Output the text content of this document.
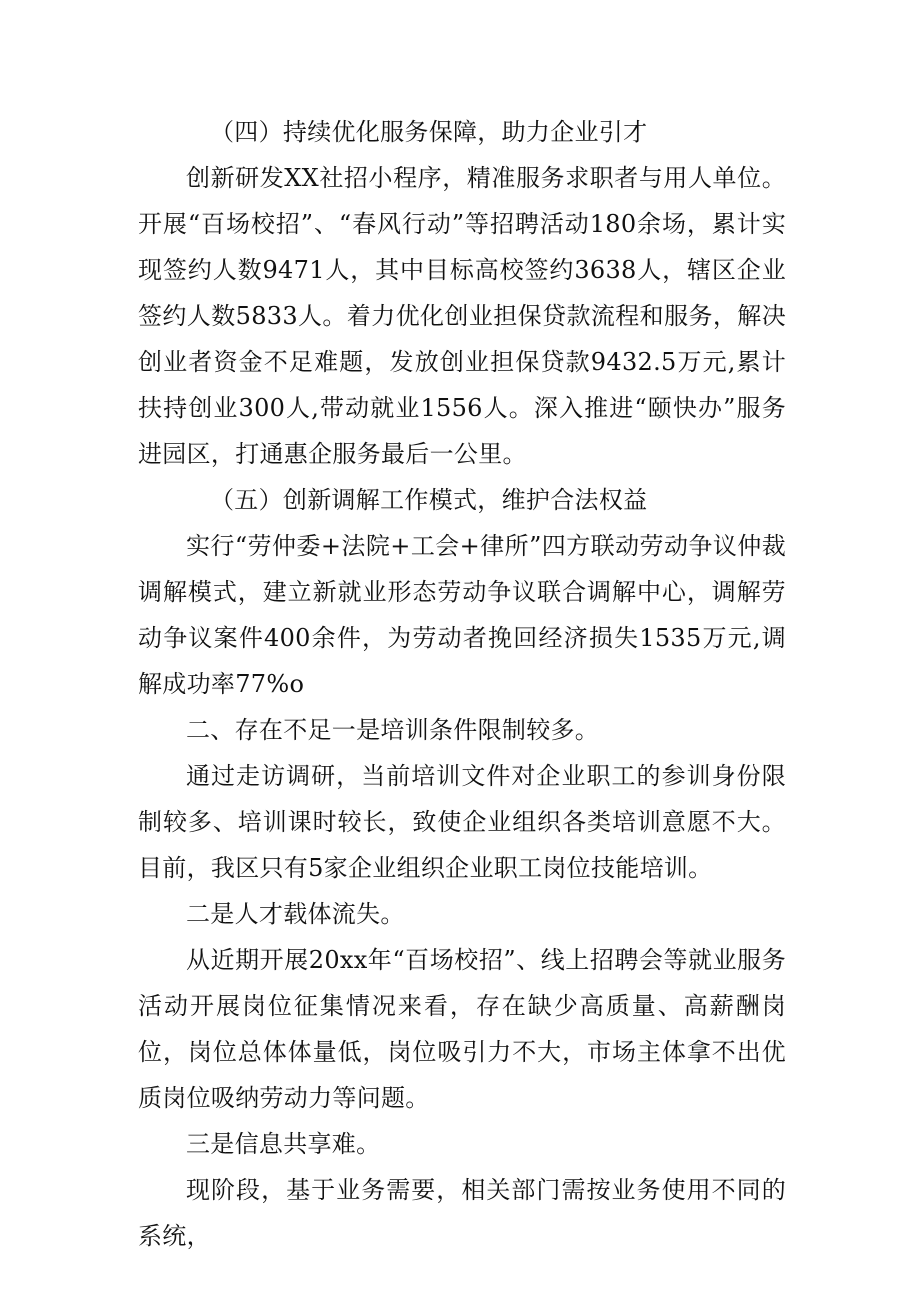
（四）持续优化服务保障，助力企业引才

创新研发XX社招小程序，精准服务求职者与用人单位。开展“百场校招”、“春风行动”等招聘活动180余场，累计实现签约人数9471人，其中目标高校签约3638人，辖区企业签约人数5833人。着力优化创业担保贷款流程和服务，解决创业者资金不足难题，发放创业担保贷款9432.5万元,累计扶持创业300人,带动就业1556人。深入推进“颐快办”服务进园区，打通惠企服务最后一公里。

（五）创新调解工作模式，维护合法权益

实行“劳仲委+法院+工会+律所”四方联动劳动争议仲裁调解模式，建立新就业形态劳动争议联合调解中心，调解劳动争议案件400余件，为劳动者挽回经济损失1535万元,调解成功率77%o

二、存在不足一是培训条件限制较多。

通过走访调研，当前培训文件对企业职工的参训身份限制较多、培训课时较长，致使企业组织各类培训意愿不大。目前，我区只有5家企业组织企业职工岗位技能培训。

二是人才载体流失。

从近期开展20xx年“百场校招”、线上招聘会等就业服务活动开展岗位征集情况来看，存在缺少高质量、高薪酬岗位，岗位总体体量低，岗位吸引力不大，市场主体拿不出优质岗位吸纳劳动力等问题。

三是信息共享难。

现阶段，基于业务需要，相关部门需按业务使用不同的系统，
